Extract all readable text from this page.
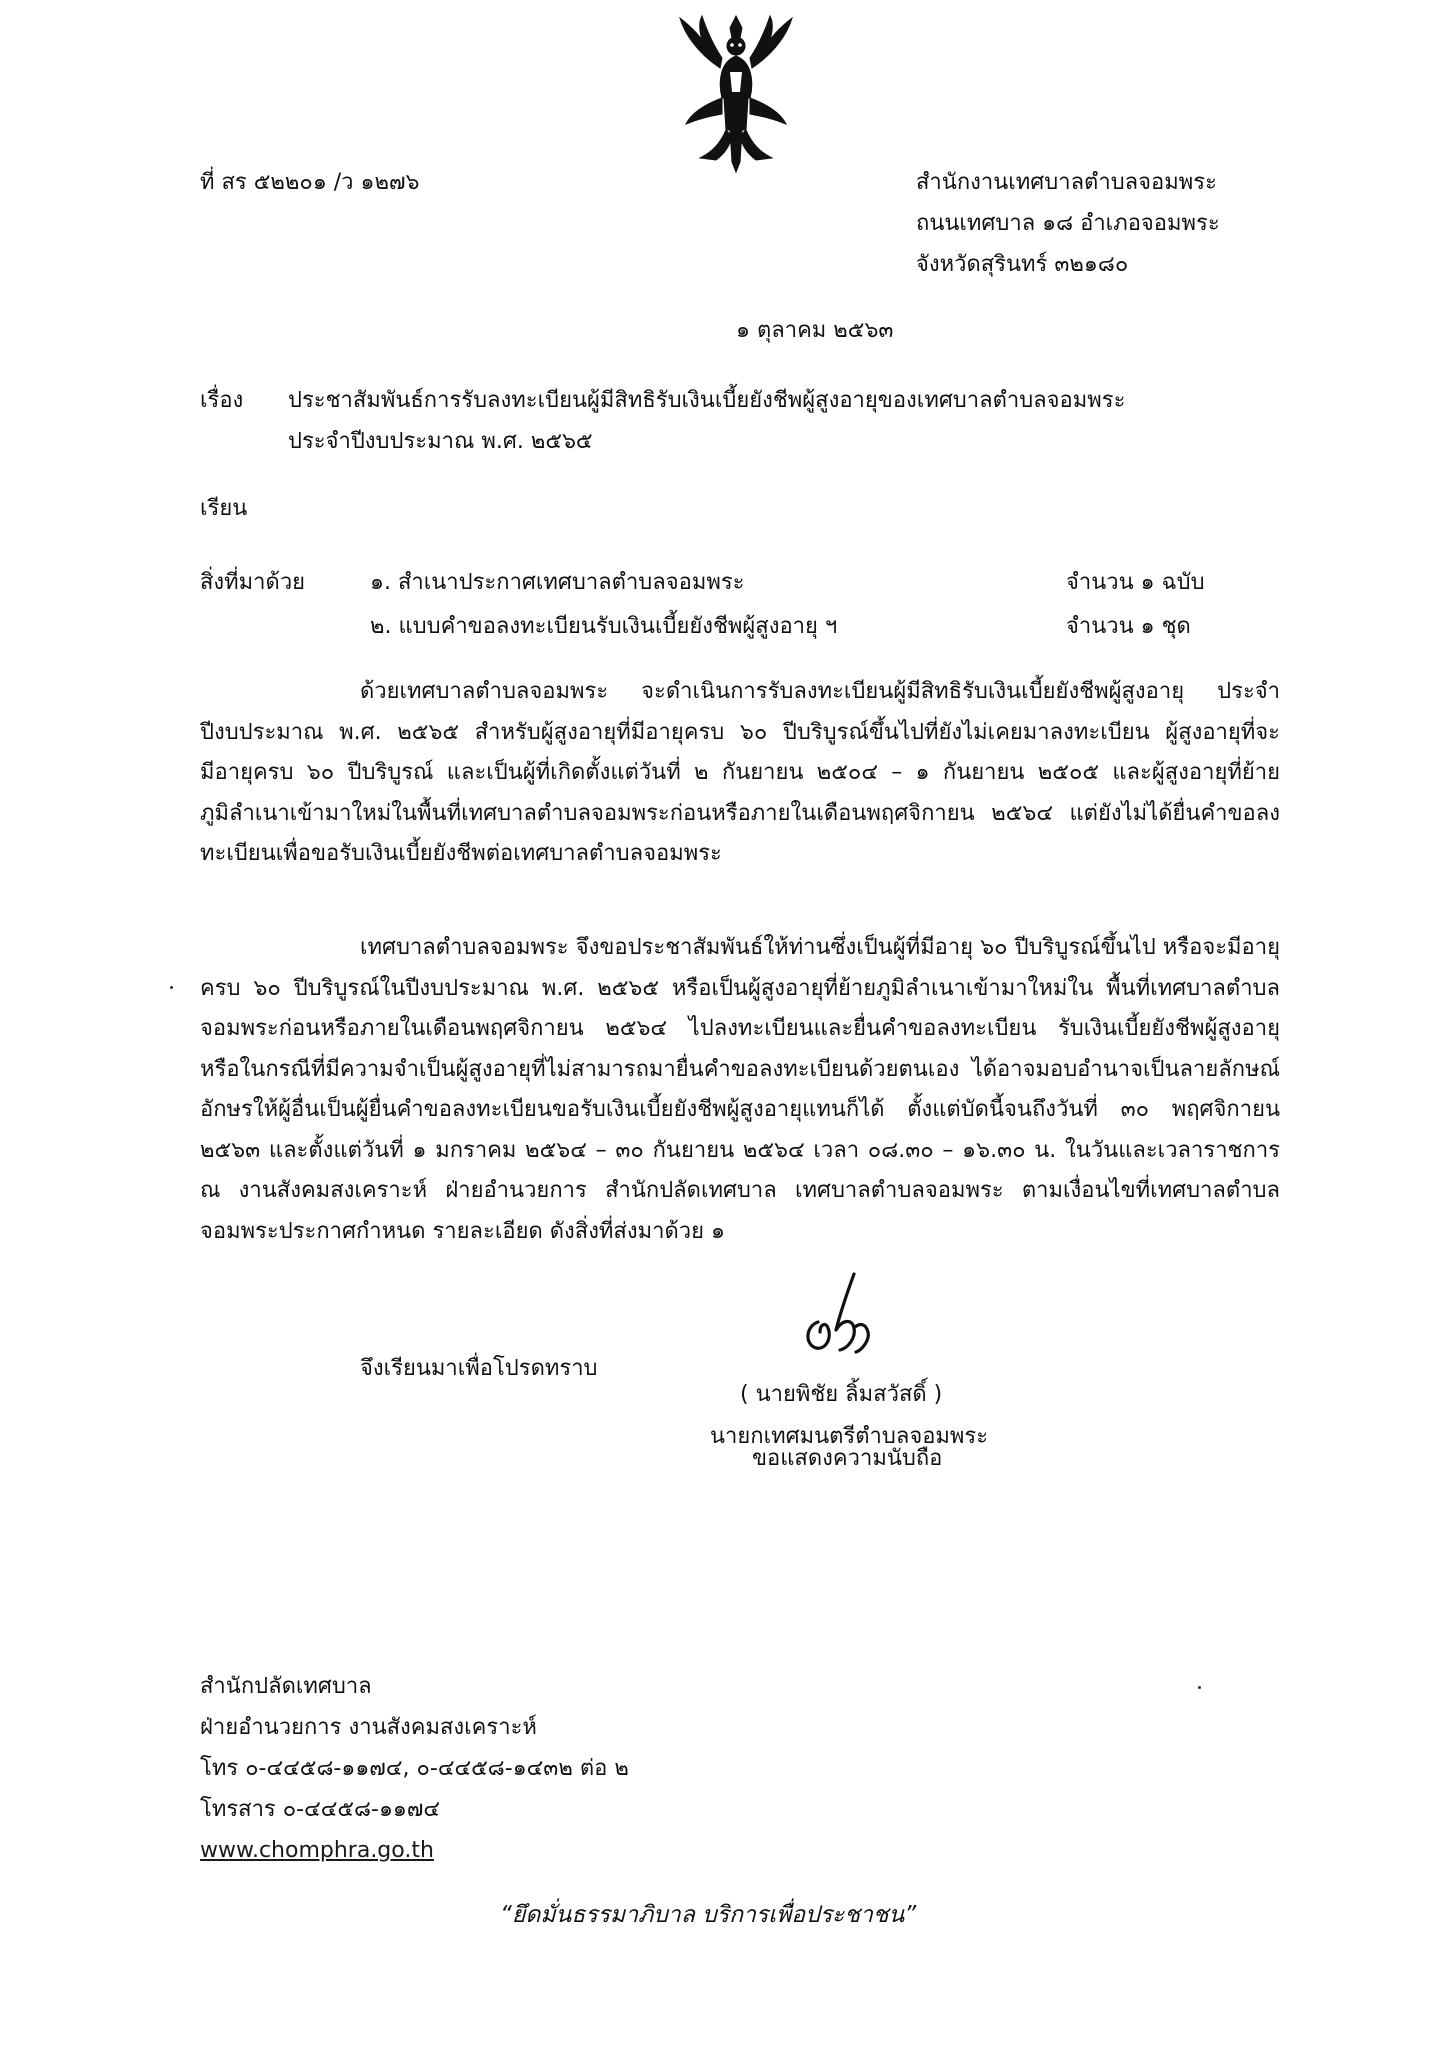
ที่ สร ๕๒๒๐๑ /ว ๑๒๗๖	สำนักงานเทศบาลตำบลจอมพระ
ถนนเทศบาล ๑๘ อำเภอจอมพระ
จังหวัดสุรินทร์ ๓๒๑๘๐
๑ ตุลาคม ๒๕๖๓
เรื่อง ประชาสัมพันธ์การรับลงทะเบียนผู้มีสิทธิรับเงินเบี้ยยังชีพผู้สูงอายุของเทศบาลตำบลจอมพระ
ประจำปีงบประมาณ พ.ศ. ๒๕๖๕
เรียน
สิ่งที่มาด้วย	๑. สำเนาประกาศเทศบาลตำบลจอมพระ	จำนวน ๑ ฉบับ
๒. แบบคำขอลงทะเบียนรับเงินเบี้ยยังชีพผู้สูงอายุ ฯ	จำนวน ๑ ชุด
ด้วยเทศบาลตำบลจอมพระ จะดำเนินการรับลงทะเบียนผู้มีสิทธิรับเงินเบี้ยยังชีพผู้สูงอายุ ประจำปีงบประมาณ พ.ศ. ๒๕๖๕ สำหรับผู้สูงอายุที่มีอายุครบ ๖๐ ปีบริบูรณ์ขึ้นไปที่ยังไม่เคยมาลงทะเบียน ผู้สูงอายุที่จะมีอายุครบ ๖๐ ปีบริบูรณ์ และเป็นผู้ที่เกิดตั้งแต่วันที่ ๒ กันยายน ๒๕๐๔ – ๑ กันยายน ๒๕๐๕ และผู้สูงอายุที่ย้ายภูมิลำเนาเข้ามาใหม่ในพื้นที่เทศบาลตำบลจอมพระก่อนหรือภายในเดือนพฤศจิกายน ๒๕๖๔ แต่ยังไม่ได้ยื่นคำขอลงทะเบียนเพื่อขอรับเงินเบี้ยยังชีพต่อเทศบาลตำบลจอมพระ
เทศบาลตำบลจอมพระ จึงขอประชาสัมพันธ์ให้ท่านซึ่งเป็นผู้ที่มีอายุ ๖๐ ปีบริบูรณ์ขึ้นไป หรือจะมีอายุครบ ๖๐ ปีบริบูรณ์ในปีงบประมาณ พ.ศ. ๒๕๖๕ หรือเป็นผู้สูงอายุที่ย้ายภูมิลำเนาเข้ามาใหม่ใน พื้นที่เทศบาลตำบลจอมพระก่อนหรือภายในเดือนพฤศจิกายน ๒๕๖๔ ไปลงทะเบียนและยื่นคำขอลงทะเบียน รับเงินเบี้ยยังชีพผู้สูงอายุ หรือในกรณีที่มีความจำเป็นผู้สูงอายุที่ไม่สามารถมายื่นคำขอลงทะเบียนด้วยตนเอง ได้อาจมอบอำนาจเป็นลายลักษณ์อักษรให้ผู้อื่นเป็นผู้ยื่นคำขอลงทะเบียนขอรับเงินเบี้ยยังชีพผู้สูงอายุแทนก็ได้ ตั้งแต่บัดนี้จนถึงวันที่ ๓๐ พฤศจิกายน ๒๕๖๓ และตั้งแต่วันที่ ๑ มกราคม ๒๕๖๔ – ๓๐ กันยายน ๒๕๖๔ เวลา ๐๘.๓๐ – ๑๖.๓๐ น. ในวันและเวลาราชการ ณ งานสังคมสงเคราะห์ ฝ่ายอำนวยการ สำนักปลัดเทศบาล เทศบาลตำบลจอมพระ ตามเงื่อนไขที่เทศบาลตำบลจอมพระประกาศกำหนด รายละเอียด ดังสิ่งที่ส่งมาด้วย ๑
จึงเรียนมาเพื่อโปรดทราบ
ขอแสดงความนับถือ
( นายพิชัย ลิ้มสวัสดิ์ )
นายกเทศมนตรีตำบลจอมพระ
สำนักปลัดเทศบาล
ฝ่ายอำนวยการ งานสังคมสงเคราะห์
โทร ๐-๔๔๕๘-๑๑๗๔, ๐-๔๔๕๘-๑๔๓๒ ต่อ ๒
โทรสาร ๐-๔๔๕๘-๑๑๗๔
www.chomphra.go.th
“ยึดมั่นธรรมาภิบาล บริการเพื่อประชาชน”
